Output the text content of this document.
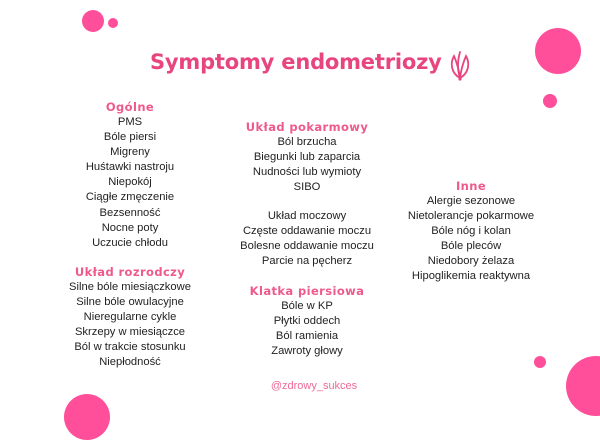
Symptomy endometriozy
Ogólne
PMS
Bóle piersi
Migreny
Huśtawki nastroju
Niepokój
Ciągłe zmęczenie
Bezsenność
Nocne poty
Uczucie chłodu
Układ rozrodczy
Silne bóle miesiączkowe
Silne bóle owulacyjne
Nieregularne cykle
Skrzepy w miesiączce
Ból w trakcie stosunku
Niepłodność
Układ pokarmowy
Ból brzucha
Biegunki lub zaparcia
Nudności lub wymioty
SIBO
Układ moczowy
Częste oddawanie moczu
Bolesne oddawanie moczu
Parcie na pęcherz
Klatka piersiowa
Bóle w KP
Płytki oddech
Ból ramienia
Zawroty głowy
Inne
Alergie sezonowe
Nietolerancje pokarmowe
Bóle nóg i kolan
Bóle pleców
Niedobory żelaza
Hipoglikemia reaktywna
@zdrowy_sukces
